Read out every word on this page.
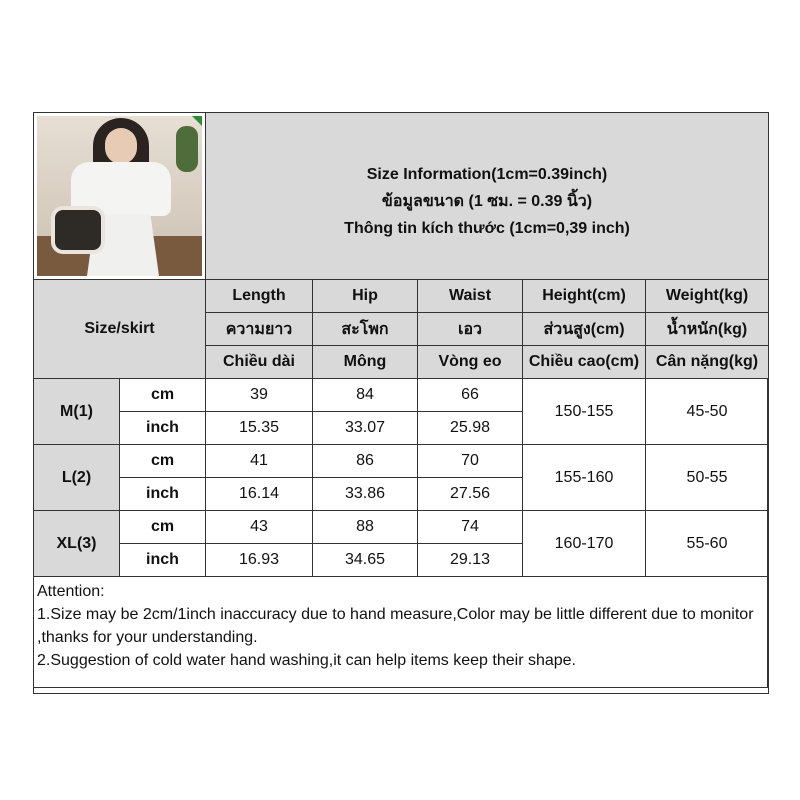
		Size Information(1cm=0.39inch)
ข้อมูลขนาด (1 ซม. = 0.39 นิ้ว)
Thông tin kích thước (1cm=0,39 inch)				

Size/skirt		Length	Hip	Waist	Height(cm)	Weight(kg)
		ความยาว	สะโพก	เอว	ส่วนสูง(cm)	น้ำหนัก(kg)
		Chiều dài	Mông	Vòng eo	Chiều cao(cm)	Cân nặng(kg)
M(1)	cm	39	84	66	150-155	45-50
	inch	15.35	33.07	25.98		
L(2)	cm	41	86	70	155-160	50-55
	inch	16.14	33.86	27.56		
XL(3)	cm	43	88	74	160-170	55-60
	inch	16.93	34.65	29.13		

Attention:
1.Size may be 2cm/1inch inaccuracy due to hand measure,Color may be little different due to monitor ,thanks for your understanding.
2.Suggestion of cold water hand washing,it can help items keep their shape.						
